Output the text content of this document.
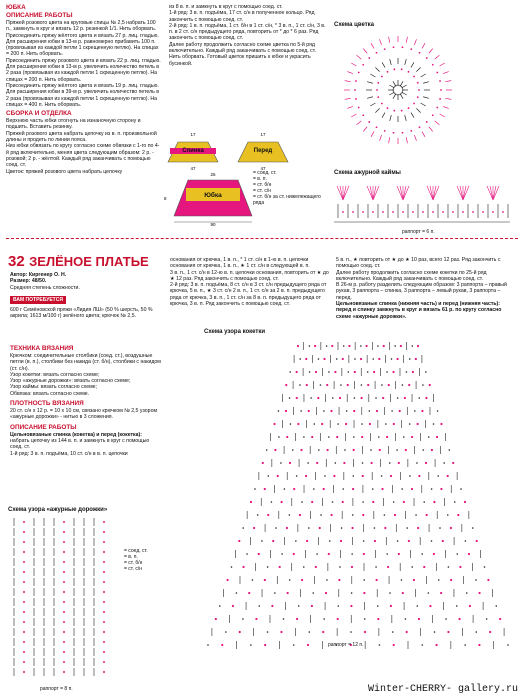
ЮБКА
ОПИСАНИЕ РАБОТЫ

Пряжей розового цвета на круговые спицы № 2,5 набрать 100 п., замкнуть в круг и вязать 12 р. резинкой 1/1. Нить оборвать.

Присоединить пряжу жёлтого цвета и вязать 27 р. лиц. гладью. Для расширения юбки в 13-м р. равномерно прибавить 100 п. (провязывая из каждой петли 1 скрещенную петлю). На спицах = 200 п. Нить оборвать.

Присоединить пряжу розового цвета и вязать 22 р. лиц. гладью. Для расширения юбки в 13-м р. увеличить количество петель в 2 раза (провязывая из каждой петли 1 скрещенную петлю). На спицах = 200 п. Нить оборвать.

Присоединить пряжу жёлтого цвета и вязать 19 р. лиц. гладью. Для расширения юбки в 39-м р. увеличить количество петель в 2 раза (провязывая из каждой петли 1 скрещенную петлю). На спицах = 400 п. Нить оборвать.

СБОРКА И ОТДЕЛКА

Верхнюю часть юбки отогнуть на изнаночную сторону и подшить. Вставить резинку.

Пряжей розового цвета набрать цепочку из в. п. произвольной длины и продеть по линии пояса.

Низ юбки обвязать по кругу согласно схеме обвязки с 1-го по 4-й ряд включительно, меняя цвета следующим образом: 2 р. - розовой; 2 р. - жёлтой. Каждый ряд заканчивать с помощью соед. ст.

Цветок: пряжей розового цвета набрать цепочку

из 8 в. п. и замкнуть в круг с помощью соед. ст.

1-й ряд: 3 в. п. подъёма, 17 ст. с/н в полученное кольцо. Ряд закончить с помощью соед. ст.

2-й ряд: 1 в. п. подъёма, 1 ст. б/н в 1 ст. с/н, * 3 в. п., 1 ст. с/н, 3 в. п. в 2 ст. с/н предыдущего ряда, повторить от * до * 6 раз. Ряд закончить с помощью соед. ст.

Далее работу продолжить согласно схеме цветка по 5-й ряд включительно. Каждый ряд заканчивать с помощью соед. ст. Нить оборвать. Готовый цветок пришить к юбке и украсить бусинкой.

Спинка	Перед
Юбка
17	17
47	47
25
8
90
= соед. ст.
= в. п.
= ст. б/н
= ст. с/н
= ст. б/н за ст. нижележащего ряда
Схема цветка
Схема ажурной каймы
раппорт = 6 п.
32 ЗЕЛЁНОЕ ПЛАТЬЕ
Автор: Киргенер О. Н.
Размер: 48/50.
Средняя степень сложности.
ВАМ ПОТРЕБУЕТСЯ
600 г Семёновской пряжи «Лидия ЛШ» (50 % шерсть, 50 % акрила; 1613 м/100 г) зелёного цвета; крючок № 2,5.
ТЕХНИКА ВЯЗАНИЯ
Крючком: соединительные столбики (соед. ст.), воздушные петли (в. п.), столбики без накида (ст. б/н), столбики с накидом (ст. с/н).
Узор кокетки: вязать согласно схеме;
Узор «ажурные дорожки»: вязать согласно схеме;
Узор каймы: вязать согласно схеме;
Обвязка: вязать согласно схеме.
ПЛОТНОСТЬ ВЯЗАНИЯ
20 ст. с/н x 12 р. = 10 x 10 см, связано крючком № 2,5 узором «ажурные дорожки» - нитью в 3 сложения.
ОПИСАНИЕ РАБОТЫ
Цельновязаные спинка (кокетка) и перед (кокетка):
набрать цепочку из 144 в. п. и замкнуть в круг с помощью соед. ст.
1-й ряд: 3 в. п. подъёма, 10 ст. с/н в в. п. цепочки

основания от крючка, 1 в. п., * 1 ст. с/н в 1-ю в. п. цепочки основания от крючка, 1 в. п., ★ 1 ст. с/н в следующей в. п.

3 в. п., 1 ст. с/н в 12-ю в. п. цепочки основания, повторить от ★ до ★ 12 раз. Ряд закончить с помощью соед. ст.

2-й ряд: 3 в. п. подъёма, 8 ст. с/н в 3 ст. с/н предыдущего ряда от крючка, 5 в. п., ★ 3 ст. с/н 2 в. п., 1 ст. с/н за 2 в. п. предыдущего ряда от крючка, 3 в. п., 1 ст. с/н за 8 в. п. предыдущего ряда от крючка, 3 в. п. Ряд закончить с помощью соед. ст.

5 в. п., ★ повторить от ★ до ★ 10 раз, всего 12 раз. Ряд закончить с помощью соед. ст.

Далее работу продолжить согласно схеме кокетки по 25-й ряд включительно. Каждый ряд заканчивать с помощью соед. ст.

В 26-м р. работу разделить следующим образом: 3 раппорта – правый рукав, 3 раппорта – спинка, 3 раппорта – левый рукав, 3 раппорта – перед.

Цельновязаные спинка (нижняя часть) и перед (нижняя часть): перед и спинку замкнуть в круг и вязать 61 р. по кругу согласно схеме «ажурные дорожки».

Схема узора кокетки
раппорт = 12 п.
Схема узора «ажурные дорожки»
раппорт = 8 п.
= соед. ст.
= в. п.
= ст. б/н
= ст. с/н
Winter-CHERRY- gallery.ru
